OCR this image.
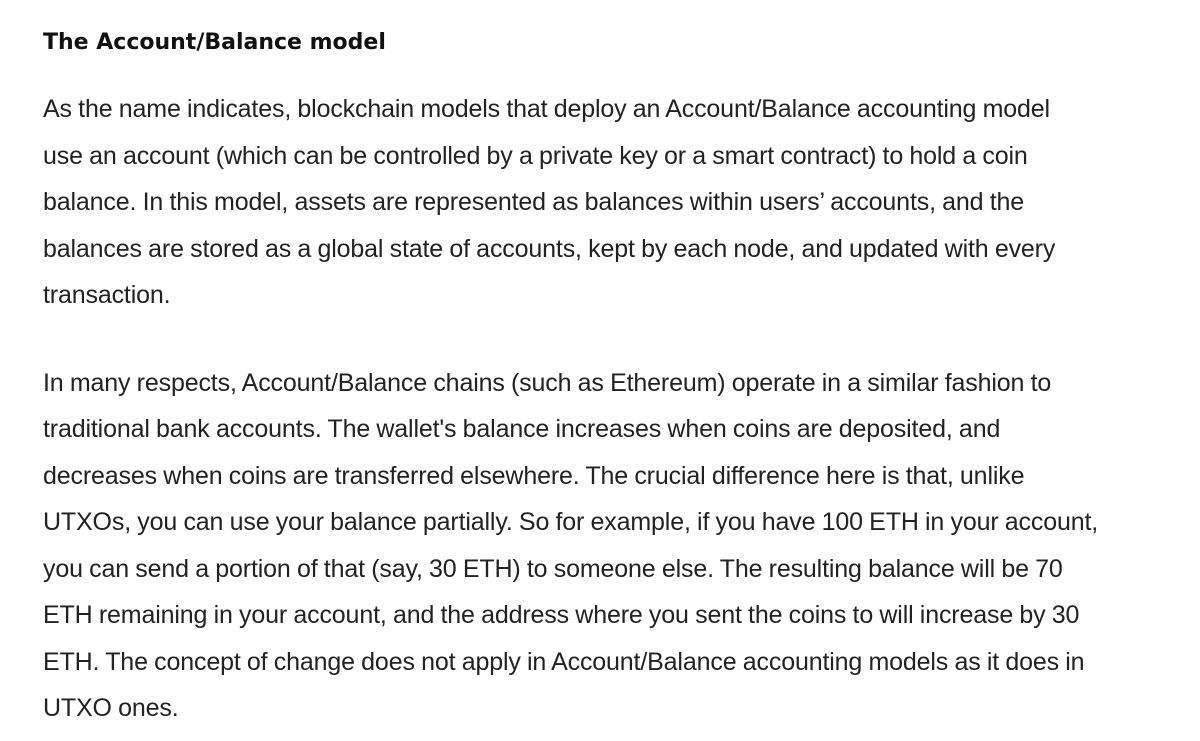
The Account/Balance model

As the name indicates, blockchain models that deploy an Account/Balance accounting model
use an account (which can be controlled by a private key or a smart contract) to hold a coin
balance. In this model, assets are represented as balances within users’ accounts, and the
balances are stored as a global state of accounts, kept by each node, and updated with every
transaction.

In many respects, Account/Balance chains (such as Ethereum) operate in a similar fashion to
traditional bank accounts. The wallet's balance increases when coins are deposited, and
decreases when coins are transferred elsewhere. The crucial difference here is that, unlike
UTXOs, you can use your balance partially. So for example, if you have 100 ETH in your account,
you can send a portion of that (say, 30 ETH) to someone else. The resulting balance will be 70
ETH remaining in your account, and the address where you sent the coins to will increase by 30
ETH. The concept of change does not apply in Account/Balance accounting models as it does in
UTXO ones.
